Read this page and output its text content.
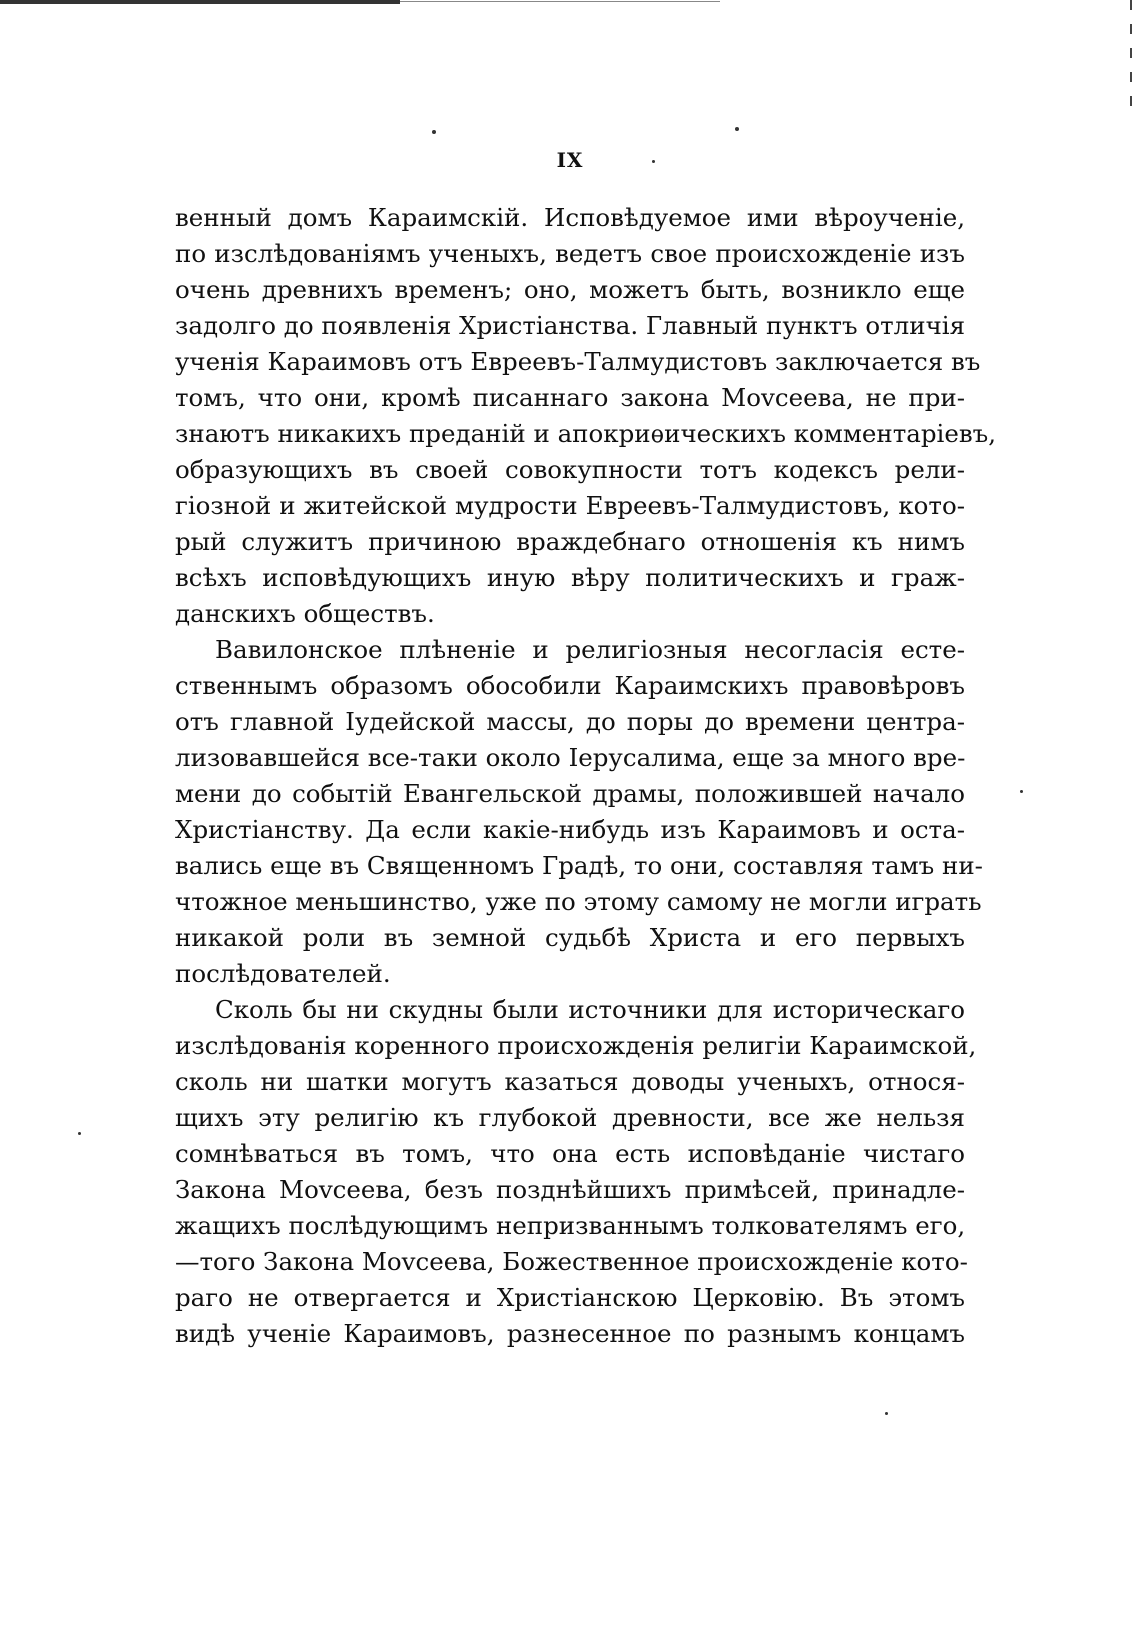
IX
венный домъ Караимскій. Исповѣдуемое ими вѣроученіе,
по изслѣдованіямъ ученыхъ, ведетъ свое происхожденіе изъ
очень древнихъ временъ; оно, можетъ быть, возникло еще
задолго до появленія Христіанства. Главный пунктъ отличія
ученія Караимовъ отъ Евреевъ-Талмудистовъ заключается въ
томъ, что они, кромѣ писаннаго закона Моvсеева, не при-
знаютъ никакихъ преданій и апокриѳическихъ комментаріевъ,
образующихъ въ своей совокупности тотъ кодексъ рели-
гіозной и житейской мудрости Евреевъ-Талмудистовъ, кото-
рый служитъ причиною враждебнаго отношенія къ нимъ
всѣхъ исповѣдующихъ иную вѣру политическихъ и граж-
данскихъ обществъ.
Вавилонское плѣненіе и религіозныя несогласія есте-
ственнымъ образомъ обособили Караимскихъ правовѣровъ
отъ главной Іудейской массы, до поры до времени центра-
лизовавшейся все-таки около Іерусалима, еще за много вре-
мени до событій Евангельской драмы, положившей начало
Христіанству. Да если какіе-нибудь изъ Караимовъ и оста-
вались еще въ Священномъ Градѣ, то они, составляя тамъ ни-
чтожное меньшинство, уже по этому самому не могли играть
никакой роли въ земной судьбѣ Христа и его первыхъ
послѣдователей.
Сколь бы ни скудны были источники для историческаго
изслѣдованія коренного происхожденія религіи Караимской,
сколь ни шатки могутъ казаться доводы ученыхъ, относя-
щихъ эту религію къ глубокой древности, все же нельзя
сомнѣваться въ томъ, что она есть исповѣданіе чистаго
Закона Моvсеева, безъ позднѣйшихъ примѣсей, принадле-
жащихъ послѣдующимъ непризваннымъ толкователямъ его,
—того Закона Моvсеева, Божественное происхожденіе кото-
раго не отвергается и Христіанскою Церковію. Въ этомъ
видѣ ученіе Караимовъ, разнесенное по разнымъ концамъ
